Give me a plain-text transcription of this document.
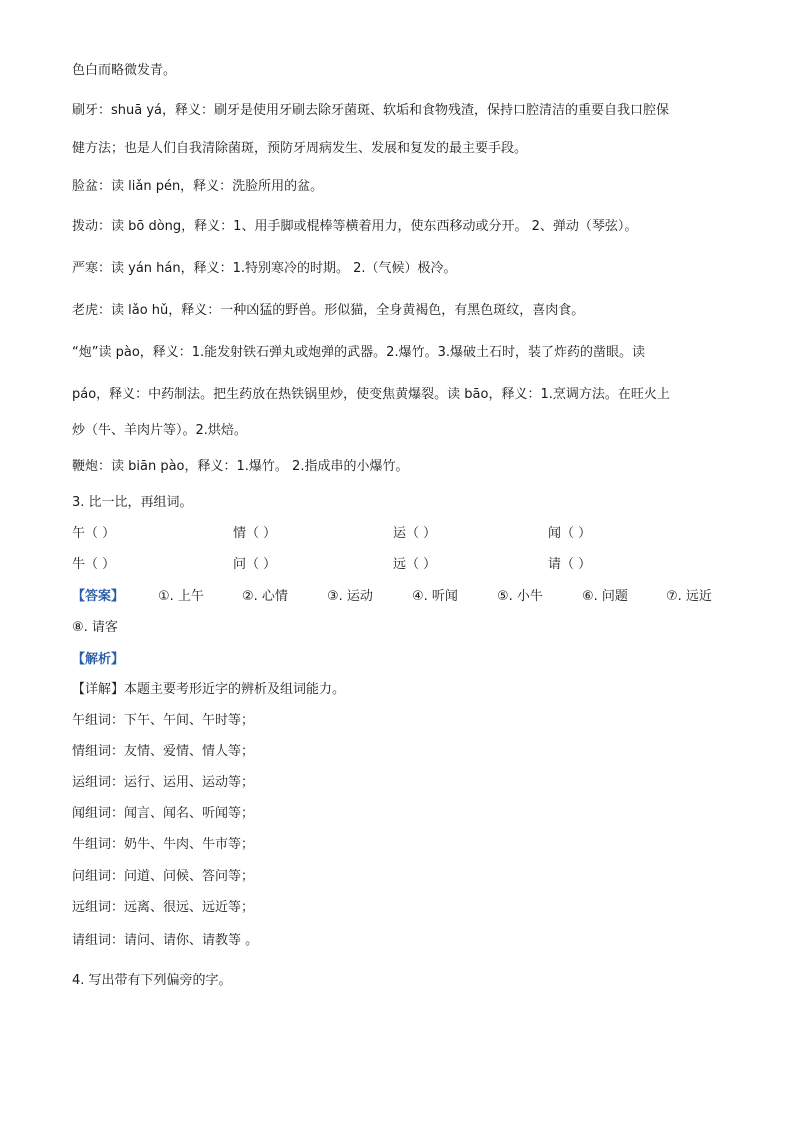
色白而略微发青。
刷牙：shuā yá，释义：刷牙是使用牙刷去除牙菌斑、软垢和食物残渣，保持口腔清洁的重要自我口腔保
健方法；也是人们自我清除菌斑，预防牙周病发生、发展和复发的最主要手段。
脸盆：读 liǎn pén，释义：洗脸所用的盆。
拨动：读 bō dòng，释义：1、用手脚或棍棒等横着用力，使东西移动或分开。 2、弹动（琴弦）。
严寒：读 yán hán，释义：1.特别寒冷的时期。 2.（气候）极冷。
老虎：读 lǎo hǔ，释义：一种凶猛的野兽。形似猫，全身黄褐色，有黑色斑纹，喜肉食。
“炮”读 pào，释义：1.能发射铁石弹丸或炮弹的武器。2.爆竹。3.爆破土石时，装了炸药的凿眼。读
páo，释义：中药制法。把生药放在热铁锅里炒，使变焦黄爆裂。读 bāo，释义：1.烹调方法。在旺火上
炒（牛、羊肉片等）。2.烘焙。
鞭炮：读 biān pào，释义：1.爆竹。 2.指成串的小爆竹。
3. 比一比，再组词。
午（ ）	情（ ）	运（ ）	闻（ ）
牛（ ）	问（ ）	远（ ）	请（ ）
【答案】	①. 上午	②. 心情	③. 运动	④. 听闻	⑤. 小牛	⑥. 问题	⑦. 远近
⑧. 请客
【解析】
【详解】本题主要考形近字的辨析及组词能力。
午组词：下午、午间、午时等；
情组词：友情、爱情、情人等；
运组词：运行、运用、运动等；
闻组词：闻言、闻名、听闻等；
牛组词：奶牛、牛肉、牛市等；
问组词：问道、问候、答问等；
远组词：远离、很远、远近等；
请组词：请问、请你、请教等 。
4. 写出带有下列偏旁的字。
